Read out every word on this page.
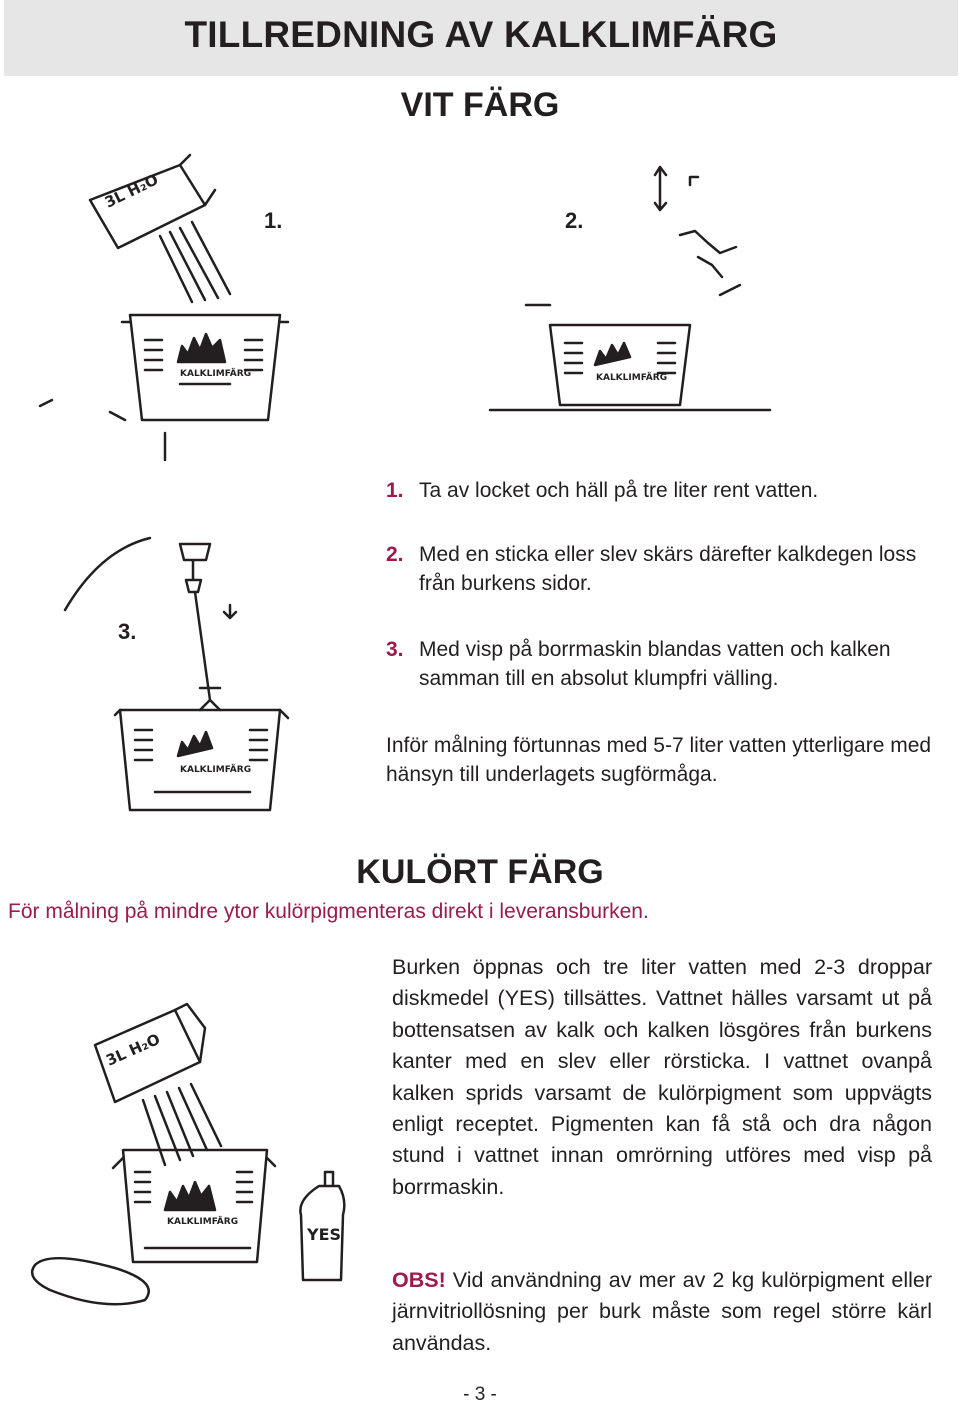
TILLREDNING AV KALKLIMFÄRG
VIT FÄRG
1.	2.
3.
3L H₂O
KALKLIMFÄRG	KALKLIMFÄRG
KALKLIMFÄRG
3L H₂O
KALKLIMFÄRG
YES
1. Ta av locket och häll på tre liter rent vatten.
2. Med en sticka eller slev skärs därefter kalkdegen loss från burkens sidor.
3. Med visp på borrmaskin blandas vatten och kalken samman till en absolut klumpfri välling.
Inför målning förtunnas med 5-7 liter vatten ytterligare med hänsyn till underlagets sugförmåga.
KULÖRT FÄRG
För målning på mindre ytor kulörpigmenteras direkt i leveransburken.
Burken öppnas och tre liter vatten med 2-3 droppar diskmedel (YES) tillsättes. Vattnet hälles varsamt ut på bottensatsen av kalk och kalken lösgöres från burkens kanter med en slev eller rörsticka. I vattnet ovanpå kalken sprids varsamt de kulörpigment som uppvägts enligt receptet. Pigmenten kan få stå och dra någon stund i vattnet innan omrörning utföres med visp på borrmaskin.
OBS! Vid användning av mer av 2 kg kulörpigment eller järnvitriollösning per burk måste som regel större kärl användas.
- 3 -
